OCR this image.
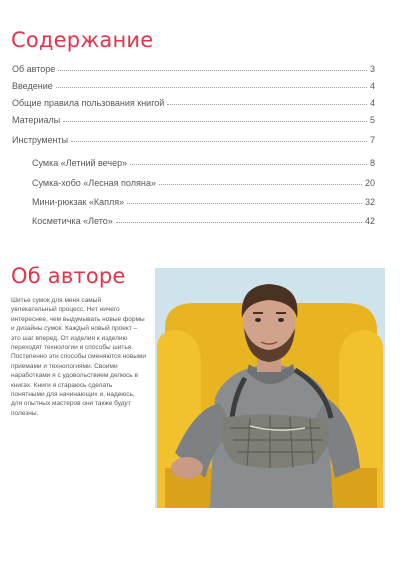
Содержание
Об авторе	3
Введение	4
Общие правила пользования книгой	4
Материалы	5
Инструменты	7
Сумка «Летний вечер»	8
Сумка-хобо «Лесная поляна»	20
Мини-рюкзак «Капля»	32
Косметичка «Лето»	42
Об авторе

Шитье сумок для меня самый увлекательный процесс. Нет ничего интереснее, чем выдумывать новые формы и дизайны сумок. Каждый новый проект – это шаг вперед. От изделия к изделию переходят технологии и способы шитья. Постепенно эти способы сменяются новыми приемами и технологиями. Своими наработками я с удовольствием делюсь в книгах. Книги я стараюсь сделать понятными для начинающих и, надеюсь, для опытных мастеров они также будут полезны.
